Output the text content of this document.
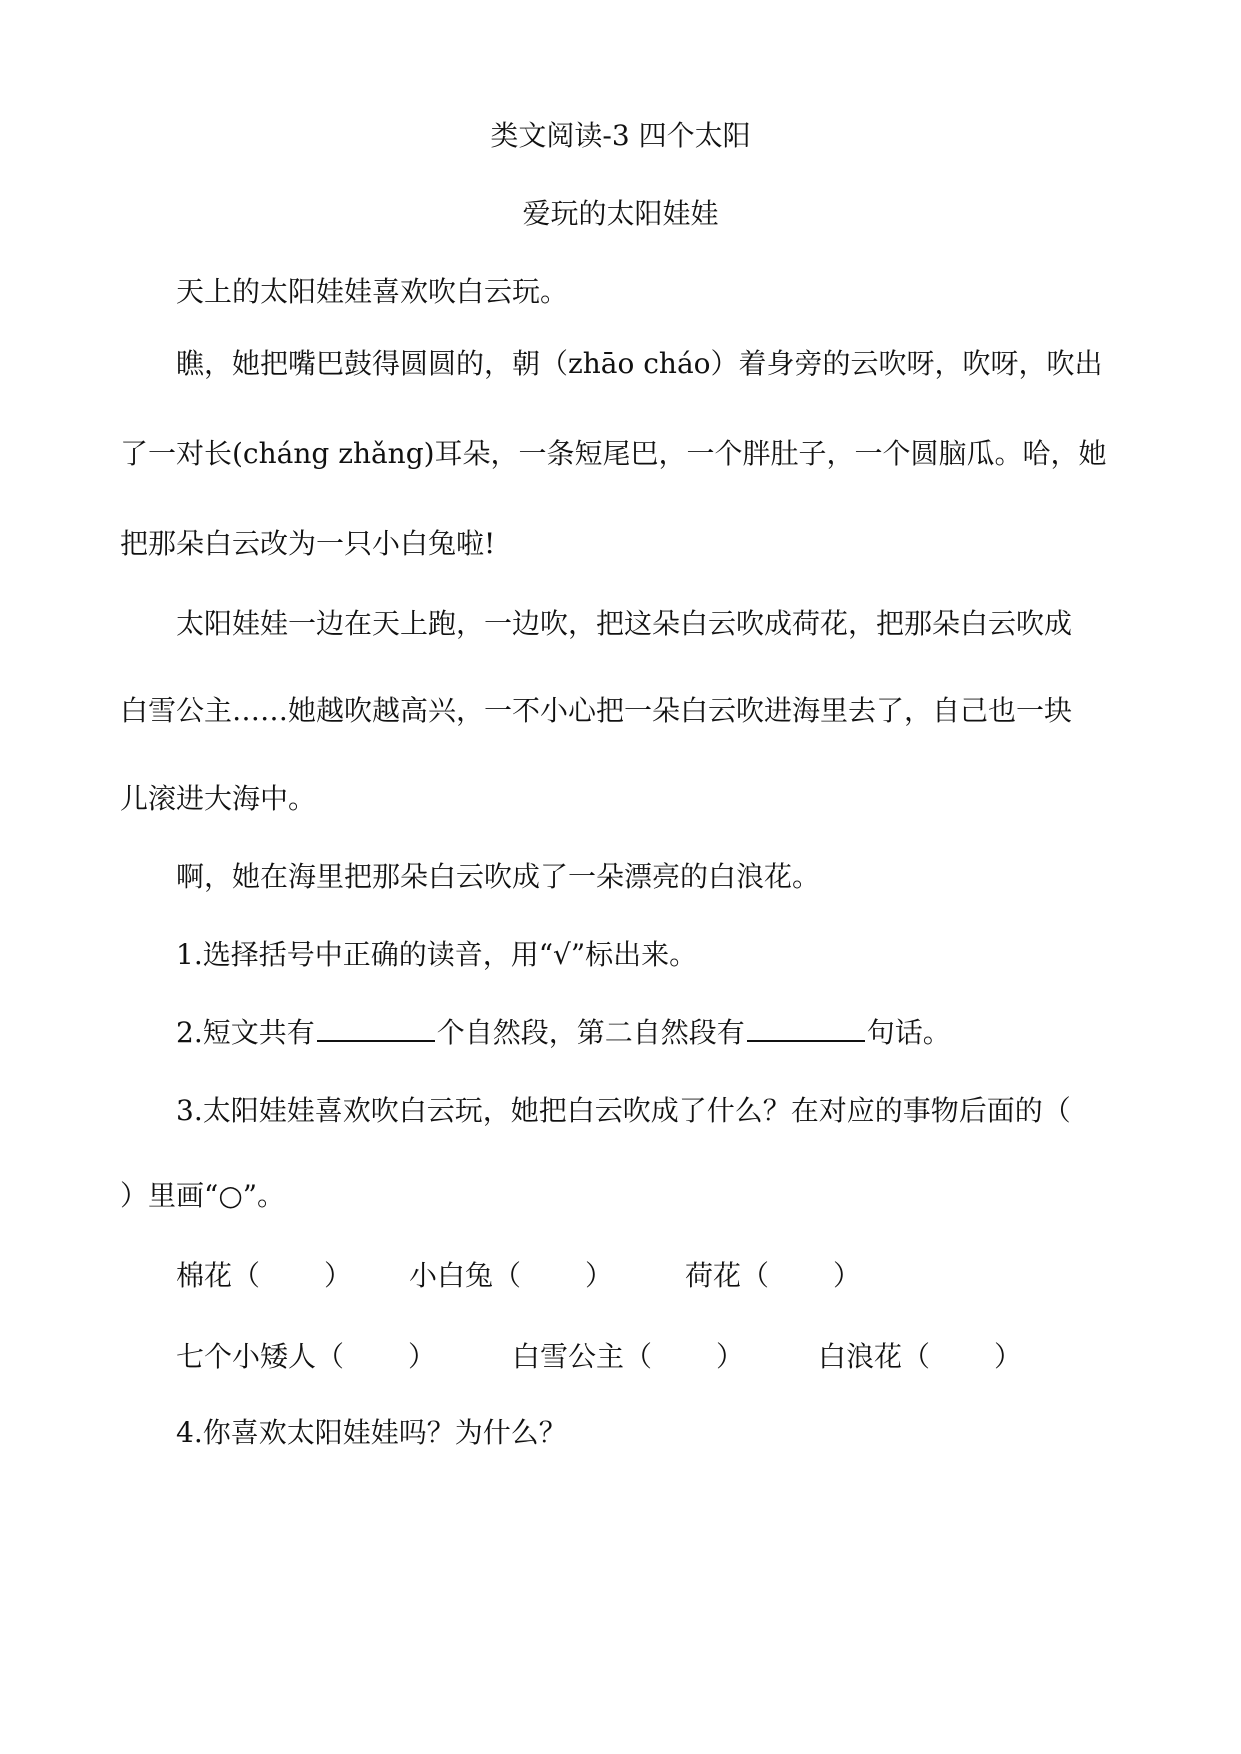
类文阅读-3 四个太阳
爱玩的太阳娃娃
天上的太阳娃娃喜欢吹白云玩。
瞧，她把嘴巴鼓得圆圆的，朝（zhāo cháo）着身旁的云吹呀，吹呀，吹出
了一对长(cháng zhǎng)耳朵，一条短尾巴，一个胖肚子，一个圆脑瓜。哈，她
把那朵白云改为一只小白兔啦!
太阳娃娃一边在天上跑，一边吹，把这朵白云吹成荷花，把那朵白云吹成
白雪公主……她越吹越高兴，一不小心把一朵白云吹进海里去了，自己也一块
儿滚进大海中。
啊，她在海里把那朵白云吹成了一朵漂亮的白浪花。
1.选择括号中正确的读音，用“√”标出来。
2.短文共有	个自然段，第二自然段有	句话。
3.太阳娃娃喜欢吹白云玩，她把白云吹成了什么？在对应的事物后面的（
）里画“○”。
棉花（ ） 小白兔（ ）	荷花（ ）
七个小矮人（ ）	白雪公主（ ）	白浪花（ ）
4.你喜欢太阳娃娃吗？为什么？
